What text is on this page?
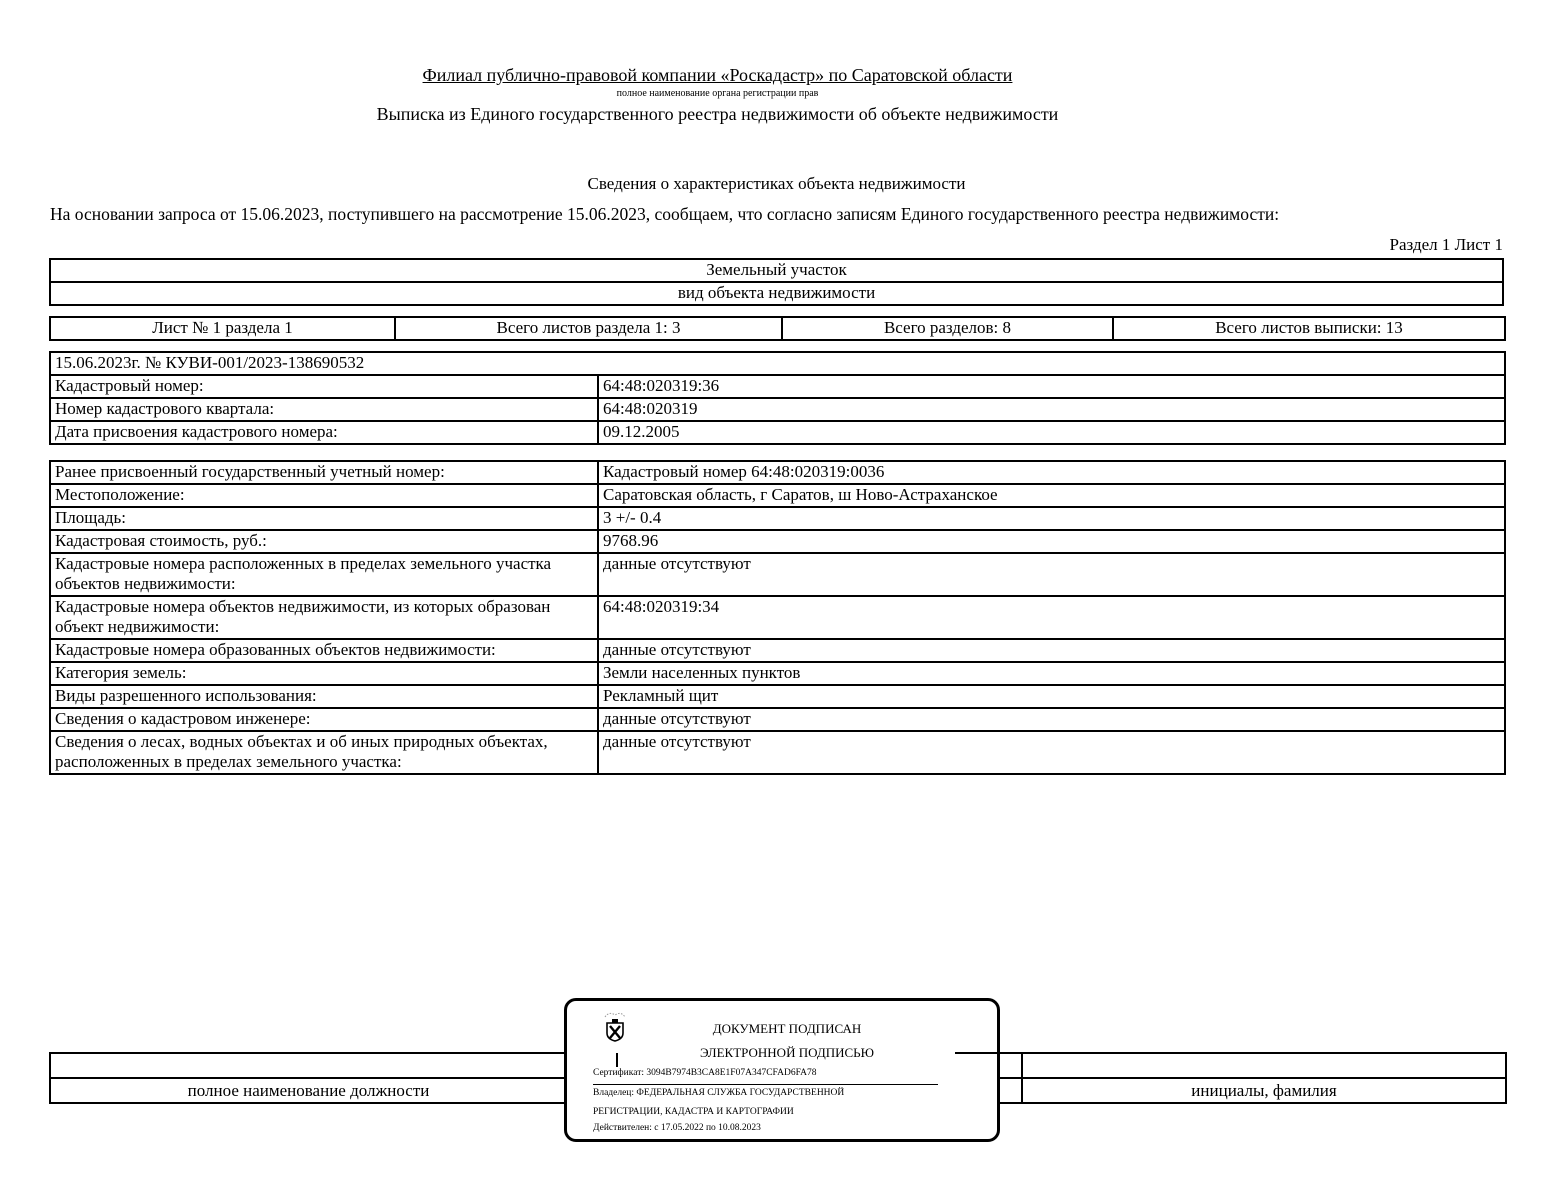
Филиал публично-правовой компании «Роскадастр» по Саратовской области
полное наименование органа регистрации прав
Выписка из Единого государственного реестра недвижимости об объекте недвижимости
Сведения о характеристиках объекта недвижимости
На основании запроса от 15.06.2023, поступившего на рассмотрение 15.06.2023, сообщаем, что согласно записям Единого государственного реестра недвижимости:
Раздел 1 Лист 1
Земельный участок
вид объекта недвижимости
Лист № 1 раздела 1	Всего листов раздела 1: 3	Всего разделов: 8	Всего листов выписки: 13
15.06.2023г. № КУВИ-001/2023-138690532	
Кадастровый номер:	64:48:020319:36
Номер кадастрового квартала:	64:48:020319
Дата присвоения кадастрового номера:	09.12.2005
Ранее присвоенный государственный учетный номер:	Кадастровый номер 64:48:020319:0036
Местоположение:	Саратовская область, г Саратов, ш Ново-Астраханское
Площадь:	3 +/- 0.4
Кадастровая стоимость, руб.:	9768.96
Кадастровые номера расположенных в пределах земельного участка объектов недвижимости:	данные отсутствуют
Кадастровые номера объектов недвижимости, из которых образован объект недвижимости:	64:48:020319:34
Кадастровые номера образованных объектов недвижимости:	данные отсутствуют
Категория земель:	Земли населенных пунктов
Виды разрешенного использования:	Рекламный щит
Сведения о кадастровом инженере:	данные отсутствуют
Сведения о лесах, водных объектах и об иных природных объектах, расположенных в пределах земельного участка:	данные отсутствуют
полное наименование должности	инициалы, фамилия
ДОКУМЕНТ ПОДПИСАН
ЭЛЕКТРОННОЙ ПОДПИСЬЮ
Сертификат: 3094B7974B3CA8E1F07A347CFAD6FA78
Владелец: ФЕДЕРАЛЬНАЯ СЛУЖБА ГОСУДАРСТВЕННОЙ
РЕГИСТРАЦИИ, КАДАСТРА И КАРТОГРАФИИ
Действителен: с 17.05.2022 по 10.08.2023
